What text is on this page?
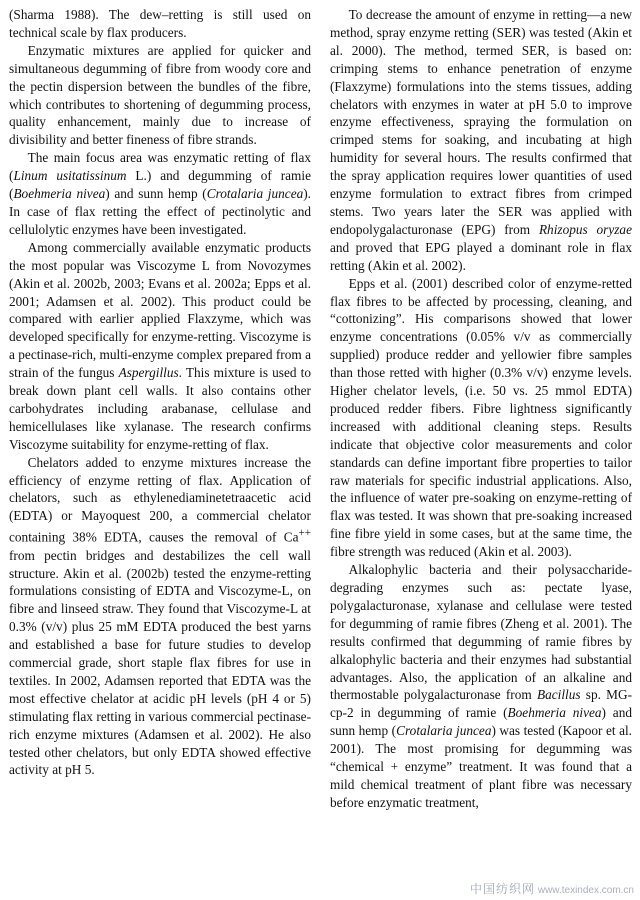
(Sharma 1988). The dew–retting is still used on technical scale by flax producers.

Enzymatic mixtures are applied for quicker and simultaneous degumming of fibre from woody core and the pectin dispersion between the bundles of the fibre, which contributes to shortening of degumming process, quality enhancement, mainly due to increase of divisibility and better fineness of fibre strands.

The main focus area was enzymatic retting of flax (Linum usitatissinum L.) and degumming of ramie (Boehmeria nivea) and sunn hemp (Crotalaria juncea). In case of flax retting the effect of pectinolytic and cellulolytic enzymes have been investigated.

Among commercially available enzymatic products the most popular was Viscozyme L from Novozymes (Akin et al. 2002b, 2003; Evans et al. 2002a; Epps et al. 2001; Adamsen et al. 2002). This product could be compared with earlier applied Flaxzyme, which was developed specifically for enzyme-retting. Viscozyme is a pectinase-rich, multi-enzyme complex prepared from a strain of the fungus Aspergillus. This mixture is used to break down plant cell walls. It also contains other carbohydrates including arabanase, cellulase and hemicellulases like xylanase. The research confirms Viscozyme suitability for enzyme-retting of flax.

Chelators added to enzyme mixtures increase the efficiency of enzyme retting of flax. Application of chelators, such as ethylenediaminetetraacetic acid (EDTA) or Mayoquest 200, a commercial chelator containing 38% EDTA, causes the removal of Ca++ from pectin bridges and destabilizes the cell wall structure. Akin et al. (2002b) tested the enzyme-retting formulations consisting of EDTA and Viscozyme-L, on fibre and linseed straw. They found that Viscozyme-L at 0.3% (v/v) plus 25 mM EDTA produced the best yarns and established a base for future studies to develop commercial grade, short staple flax fibres for use in textiles. In 2002, Adamsen reported that EDTA was the most effective chelator at acidic pH levels (pH 4 or 5) stimulating flax retting in various commercial pectinase-rich enzyme mixtures (Adamsen et al. 2002). He also tested other chelators, but only EDTA showed effective activity at pH 5.

To decrease the amount of enzyme in retting—a new method, spray enzyme retting (SER) was tested (Akin et al. 2000). The method, termed SER, is based on: crimping stems to enhance penetration of enzyme (Flaxzyme) formulations into the stems tissues, adding chelators with enzymes in water at pH 5.0 to improve enzyme effectiveness, spraying the formulation on crimped stems for soaking, and incubating at high humidity for several hours. The results confirmed that the spray application requires lower quantities of used enzyme formulation to extract fibres from crimped stems. Two years later the SER was applied with endopolygalacturonase (EPG) from Rhizopus oryzae and proved that EPG played a dominant role in flax retting (Akin et al. 2002).

Epps et al. (2001) described color of enzyme-retted flax fibres to be affected by processing, cleaning, and “cottonizing”. His comparisons showed that lower enzyme concentrations (0.05% v/v as commercially supplied) produce redder and yellowier fibre samples than those retted with higher (0.3% v/v) enzyme levels. Higher chelator levels, (i.e. 50 vs. 25 mmol EDTA) produced redder fibers. Fibre lightness significantly increased with additional cleaning steps. Results indicate that objective color measurements and color standards can define important fibre properties to tailor raw materials for specific industrial applications. Also, the influence of water pre-soaking on enzyme-retting of flax was tested. It was shown that pre-soaking increased fine fibre yield in some cases, but at the same time, the fibre strength was reduced (Akin et al. 2003).

Alkalophylic bacteria and their polysaccharide-degrading enzymes such as: pectate lyase, polygalacturonase, xylanase and cellulase were tested for degumming of ramie fibres (Zheng et al. 2001). The results confirmed that degumming of ramie fibres by alkalophylic bacteria and their enzymes had substantial advantages. Also, the application of an alkaline and thermostable polygalacturonase from Bacillus sp. MG-cp-2 in degumming of ramie (Boehmeria nivea) and sunn hemp (Crotalaria juncea) was tested (Kapoor et al. 2001). The most promising for degumming was “chemical + enzyme” treatment. It was found that a mild chemical treatment of plant fibre was necessary before enzymatic treatment,

中国纺织网 www.texindex.com.cn
